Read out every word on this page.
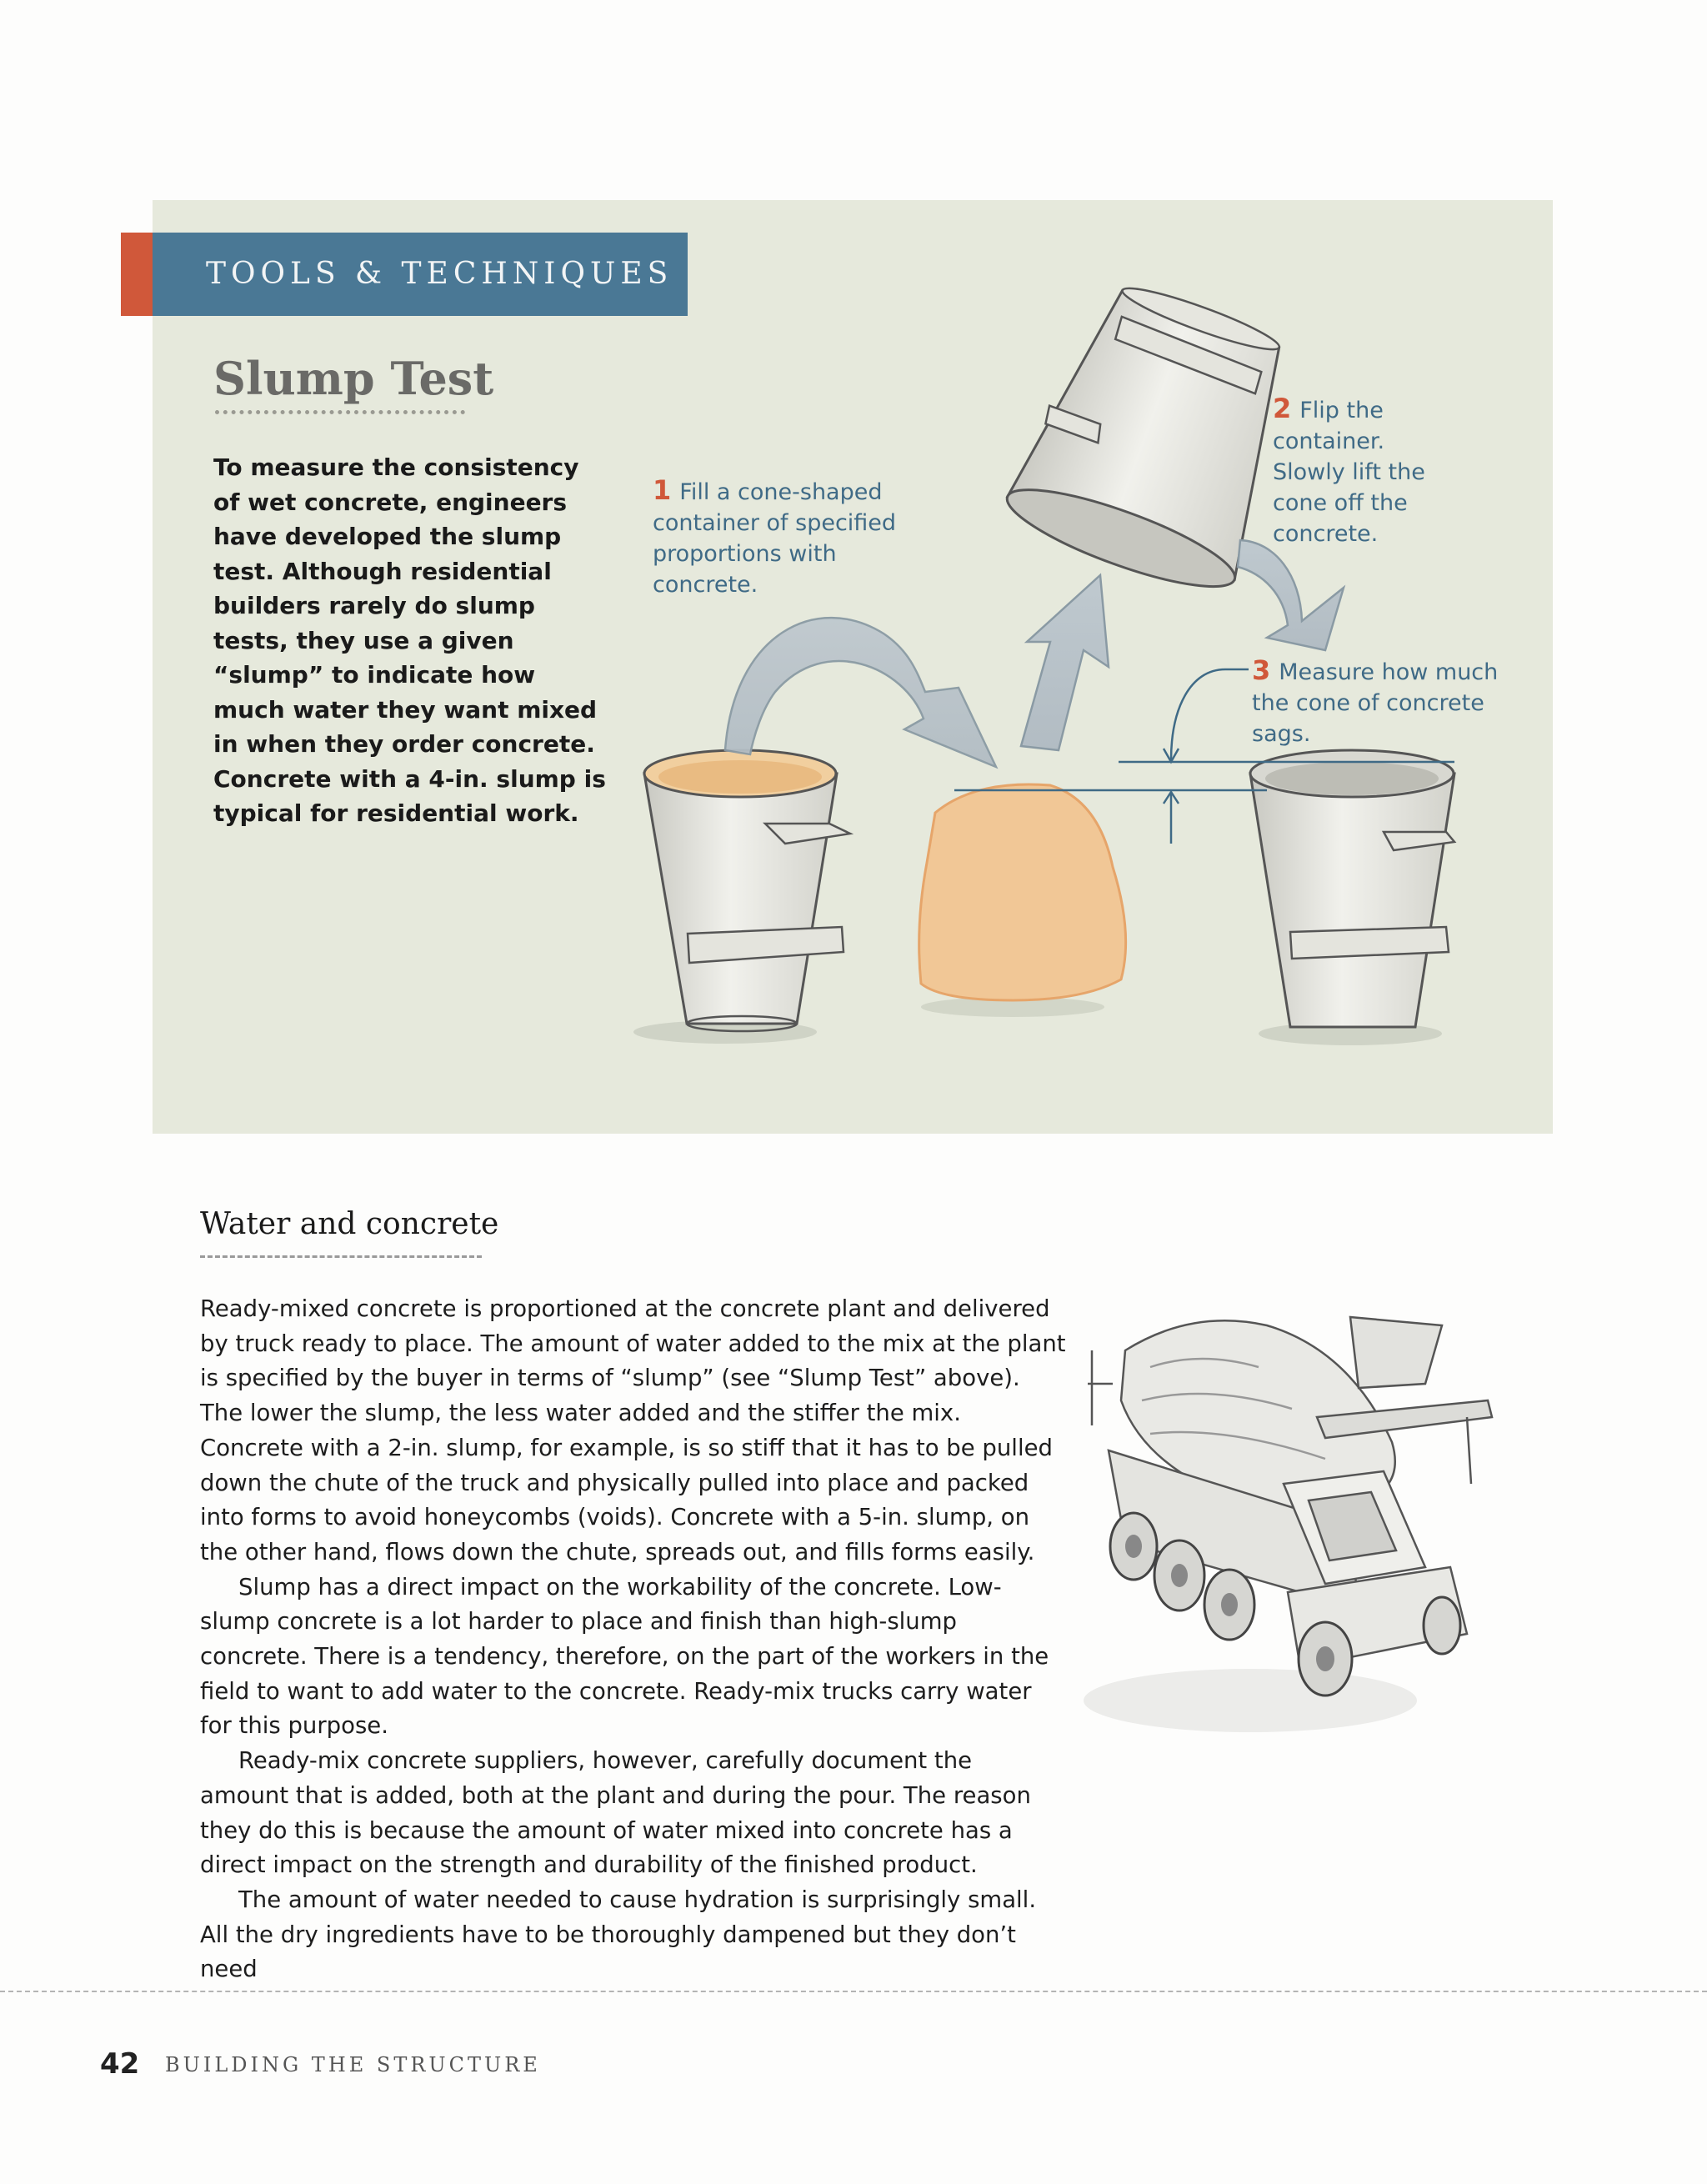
TOOLS & TECHNIQUES
Slump Test
To measure the consistency of wet concrete, engineers have developed the slump test. Although residential builders rarely do slump tests, they use a given “slump” to indicate how much water they want mixed in when they order concrete. Concrete with a 4-in. slump is typical for residential work.
1 Fill a cone-shaped container of specified proportions with concrete.
2 Flip the container. Slowly lift the cone off the concrete.
3 Measure how much the cone of concrete sags.
Water and concrete

Ready-mixed concrete is proportioned at the concrete plant and delivered by truck ready to place. The amount of water added to the mix at the plant is specified by the buyer in terms of “slump” (see “Slump Test” above). The lower the slump, the less water added and the stiffer the mix. Concrete with a 2-in. slump, for example, is so stiff that it has to be pulled down the chute of the truck and physically pulled into place and packed into forms to avoid honeycombs (voids). Concrete with a 5-in. slump, on the other hand, flows down the chute, spreads out, and fills forms easily.

Slump has a direct impact on the workability of the concrete. Low-slump concrete is a lot harder to place and finish than high-slump concrete. There is a tendency, therefore, on the part of the workers in the field to want to add water to the concrete. Ready-mix trucks carry water for this purpose.

Ready-mix concrete suppliers, however, carefully document the amount that is added, both at the plant and during the pour. The reason they do this is because the amount of water mixed into concrete has a direct impact on the strength and durability of the finished product.

The amount of water needed to cause hydration is surprisingly small. All the dry ingredients have to be thoroughly dampened but they don’t need

42 BUILDING THE STRUCTURE
